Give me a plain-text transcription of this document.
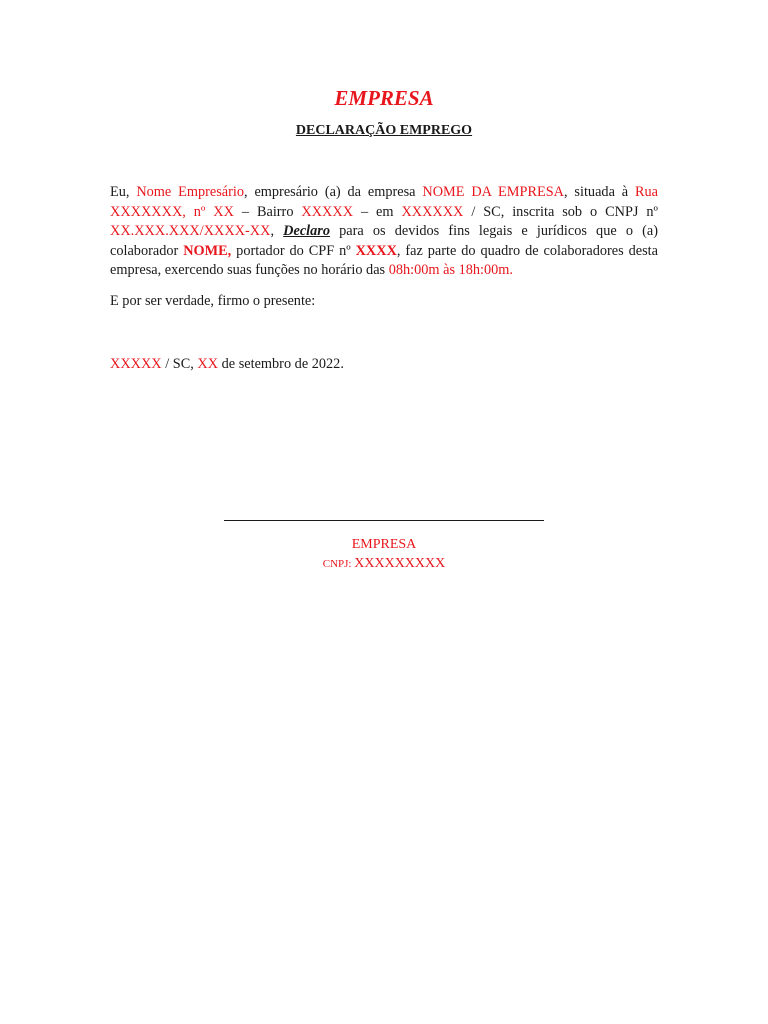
EMPRESA
DECLARAÇÃO EMPREGO

Eu, Nome Empresário, empresário (a) da empresa NOME DA EMPRESA, situada à Rua XXXXXXX, nº XX – Bairro XXXXX – em XXXXXX / SC, inscrita sob o CNPJ nº XX.XXX.XXX/XXXX-XX, Declaro para os devidos fins legais e jurídicos que o (a) colaborador NOME, portador do CPF nº XXXX, faz parte do quadro de colaboradores desta empresa, exercendo suas funções no horário das 08h:00m às 18h:00m.

E por ser verdade, firmo o presente:

XXXXX / SC, XX de setembro de 2022.

EMPRESA

CNPJ: XXXXXXXXX
